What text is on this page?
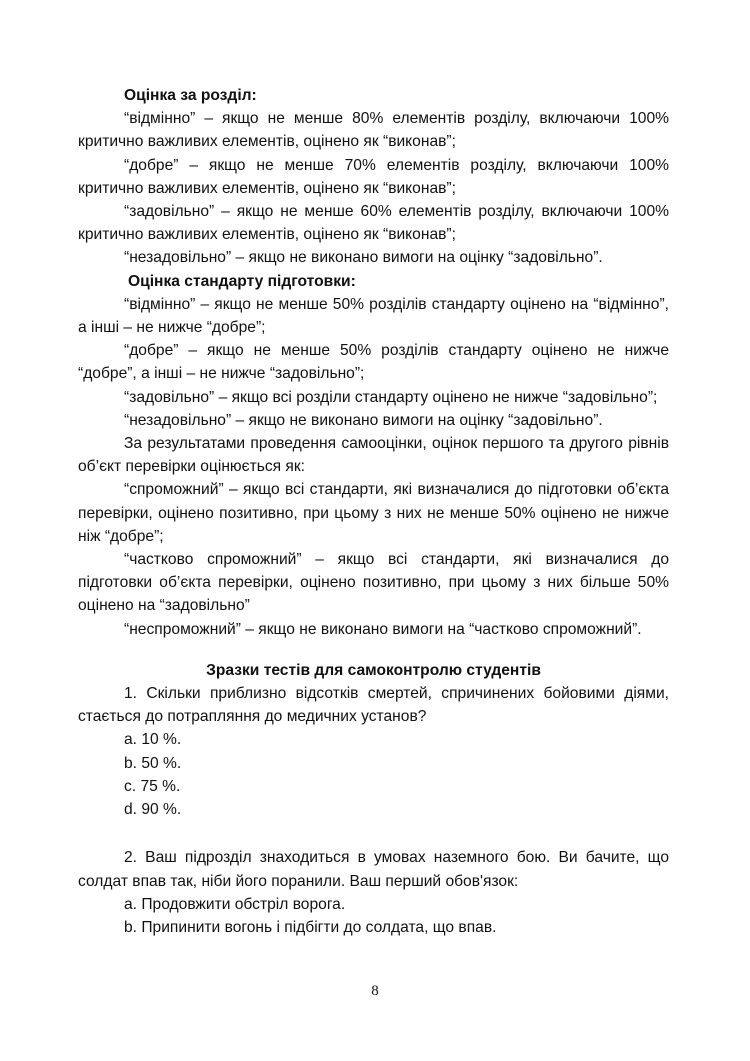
Оцінка за розділ:

“відмінно” – якщо не менше 80% елементів розділу, включаючи 100% критично важливих елементів, оцінено як “виконав”;

“добре” – якщо не менше 70% елементів розділу, включаючи 100% критично важливих елементів, оцінено як “виконав”;

“задовільно” – якщо не менше 60% елементів розділу, включаючи 100% критично важливих елементів, оцінено як “виконав”;

“незадовільно” – якщо не виконано вимоги на оцінку “задовільно”.

Оцінка стандарту підготовки:

“відмінно” – якщо не менше 50% розділів стандарту оцінено на “відмінно”, а інші – не нижче “добре”;

“добре” – якщо не менше 50% розділів стандарту оцінено не нижче “добре”, а інші – не нижче “задовільно”;

“задовільно” – якщо всі розділи стандарту оцінено не нижче “задовільно”;

“незадовільно” – якщо не виконано вимоги на оцінку “задовільно”.

За результатами проведення самооцінки, оцінок першого та другого рівнів об’єкт перевірки оцінюється як:

“спроможний” – якщо всі стандарти, які визначалися до підготовки об’єкта перевірки, оцінено позитивно, при цьому з них не менше 50% оцінено не нижче ніж “добре”;

“частково спроможний” – якщо всі стандарти, які визначалися до підготовки об’єкта перевірки, оцінено позитивно, при цьому з них більше 50% оцінено на “задовільно”

“неспроможний” – якщо не виконано вимоги на “частково спроможний”.

Зразки тестів для самоконтролю студентів

1. Скільки приблизно відсотків смертей, спричинених бойовими діями, стається до потрапляння до медичних установ?

a. 10 %.

b. 50 %.

c. 75 %.

d. 90 %.

2. Ваш підрозділ знаходиться в умовах наземного бою. Ви бачите, що солдат впав так, ніби його поранили. Ваш перший обов'язок:

a. Продовжити обстріл ворога.

b. Припинити вогонь і підбігти до солдата, що впав.

8
